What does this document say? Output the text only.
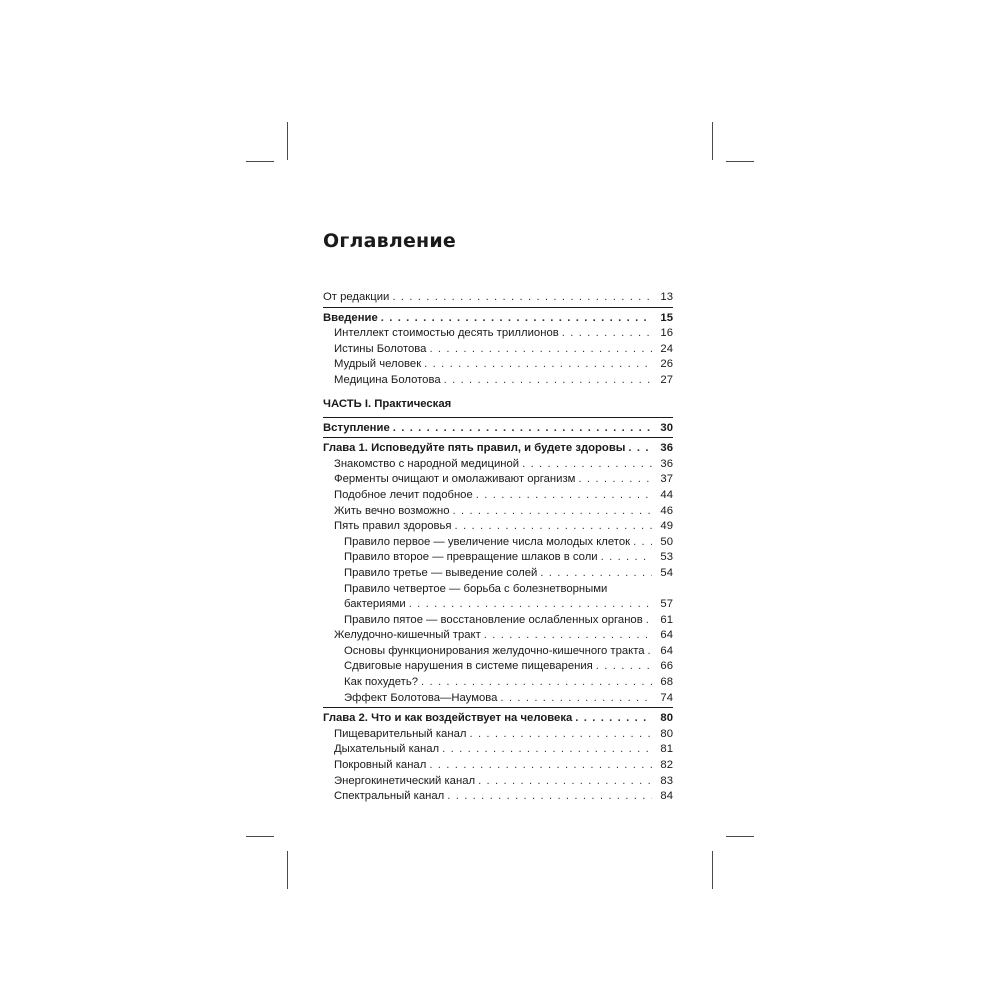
Оглавление
От редакции . . .	13
Введение . . .	15
Интеллект стоимостью десять триллионов . . .	16
Истины Болотова . . .	24
Мудрый человек . . .	26
Медицина Болотова . . .	27
ЧАСТЬ I. Практическая
Вступление . . .	30
Глава 1. Исповедуйте пять правил, и будете здоровы . . .	36
Знакомство с народной медициной . . .	36
Ферменты очищают и омолаживают организм . . .	37
Подобное лечит подобное . . .	44
Жить вечно возможно . . .	46
Пять правил здоровья . . .	49
Правило первое — увеличение числа молодых клеток . . .	50
Правило второе — превращение шлаков в соли . . .	53
Правило третье — выведение солей . . .	54
Правило четвертое — борьба с болезнетворными
бактериями . . .	57
Правило пятое — восстановление ослабленных органов . . .	61
Желудочно-кишечный тракт . . .	64
Основы функционирования желудочно-кишечного тракта . . .	64
Сдвиговые нарушения в системе пищеварения . . .	66
Как похудеть? . . .	68
Эффект Болотова—Наумова . . .	74
Глава 2. Что и как воздействует на человека . . .	80
Пищеварительный канал . . .	80
Дыхательный канал . . .	81
Покровный канал . . .	82
Энергокинетический канал . . .	83
Спектральный канал . . .	84
